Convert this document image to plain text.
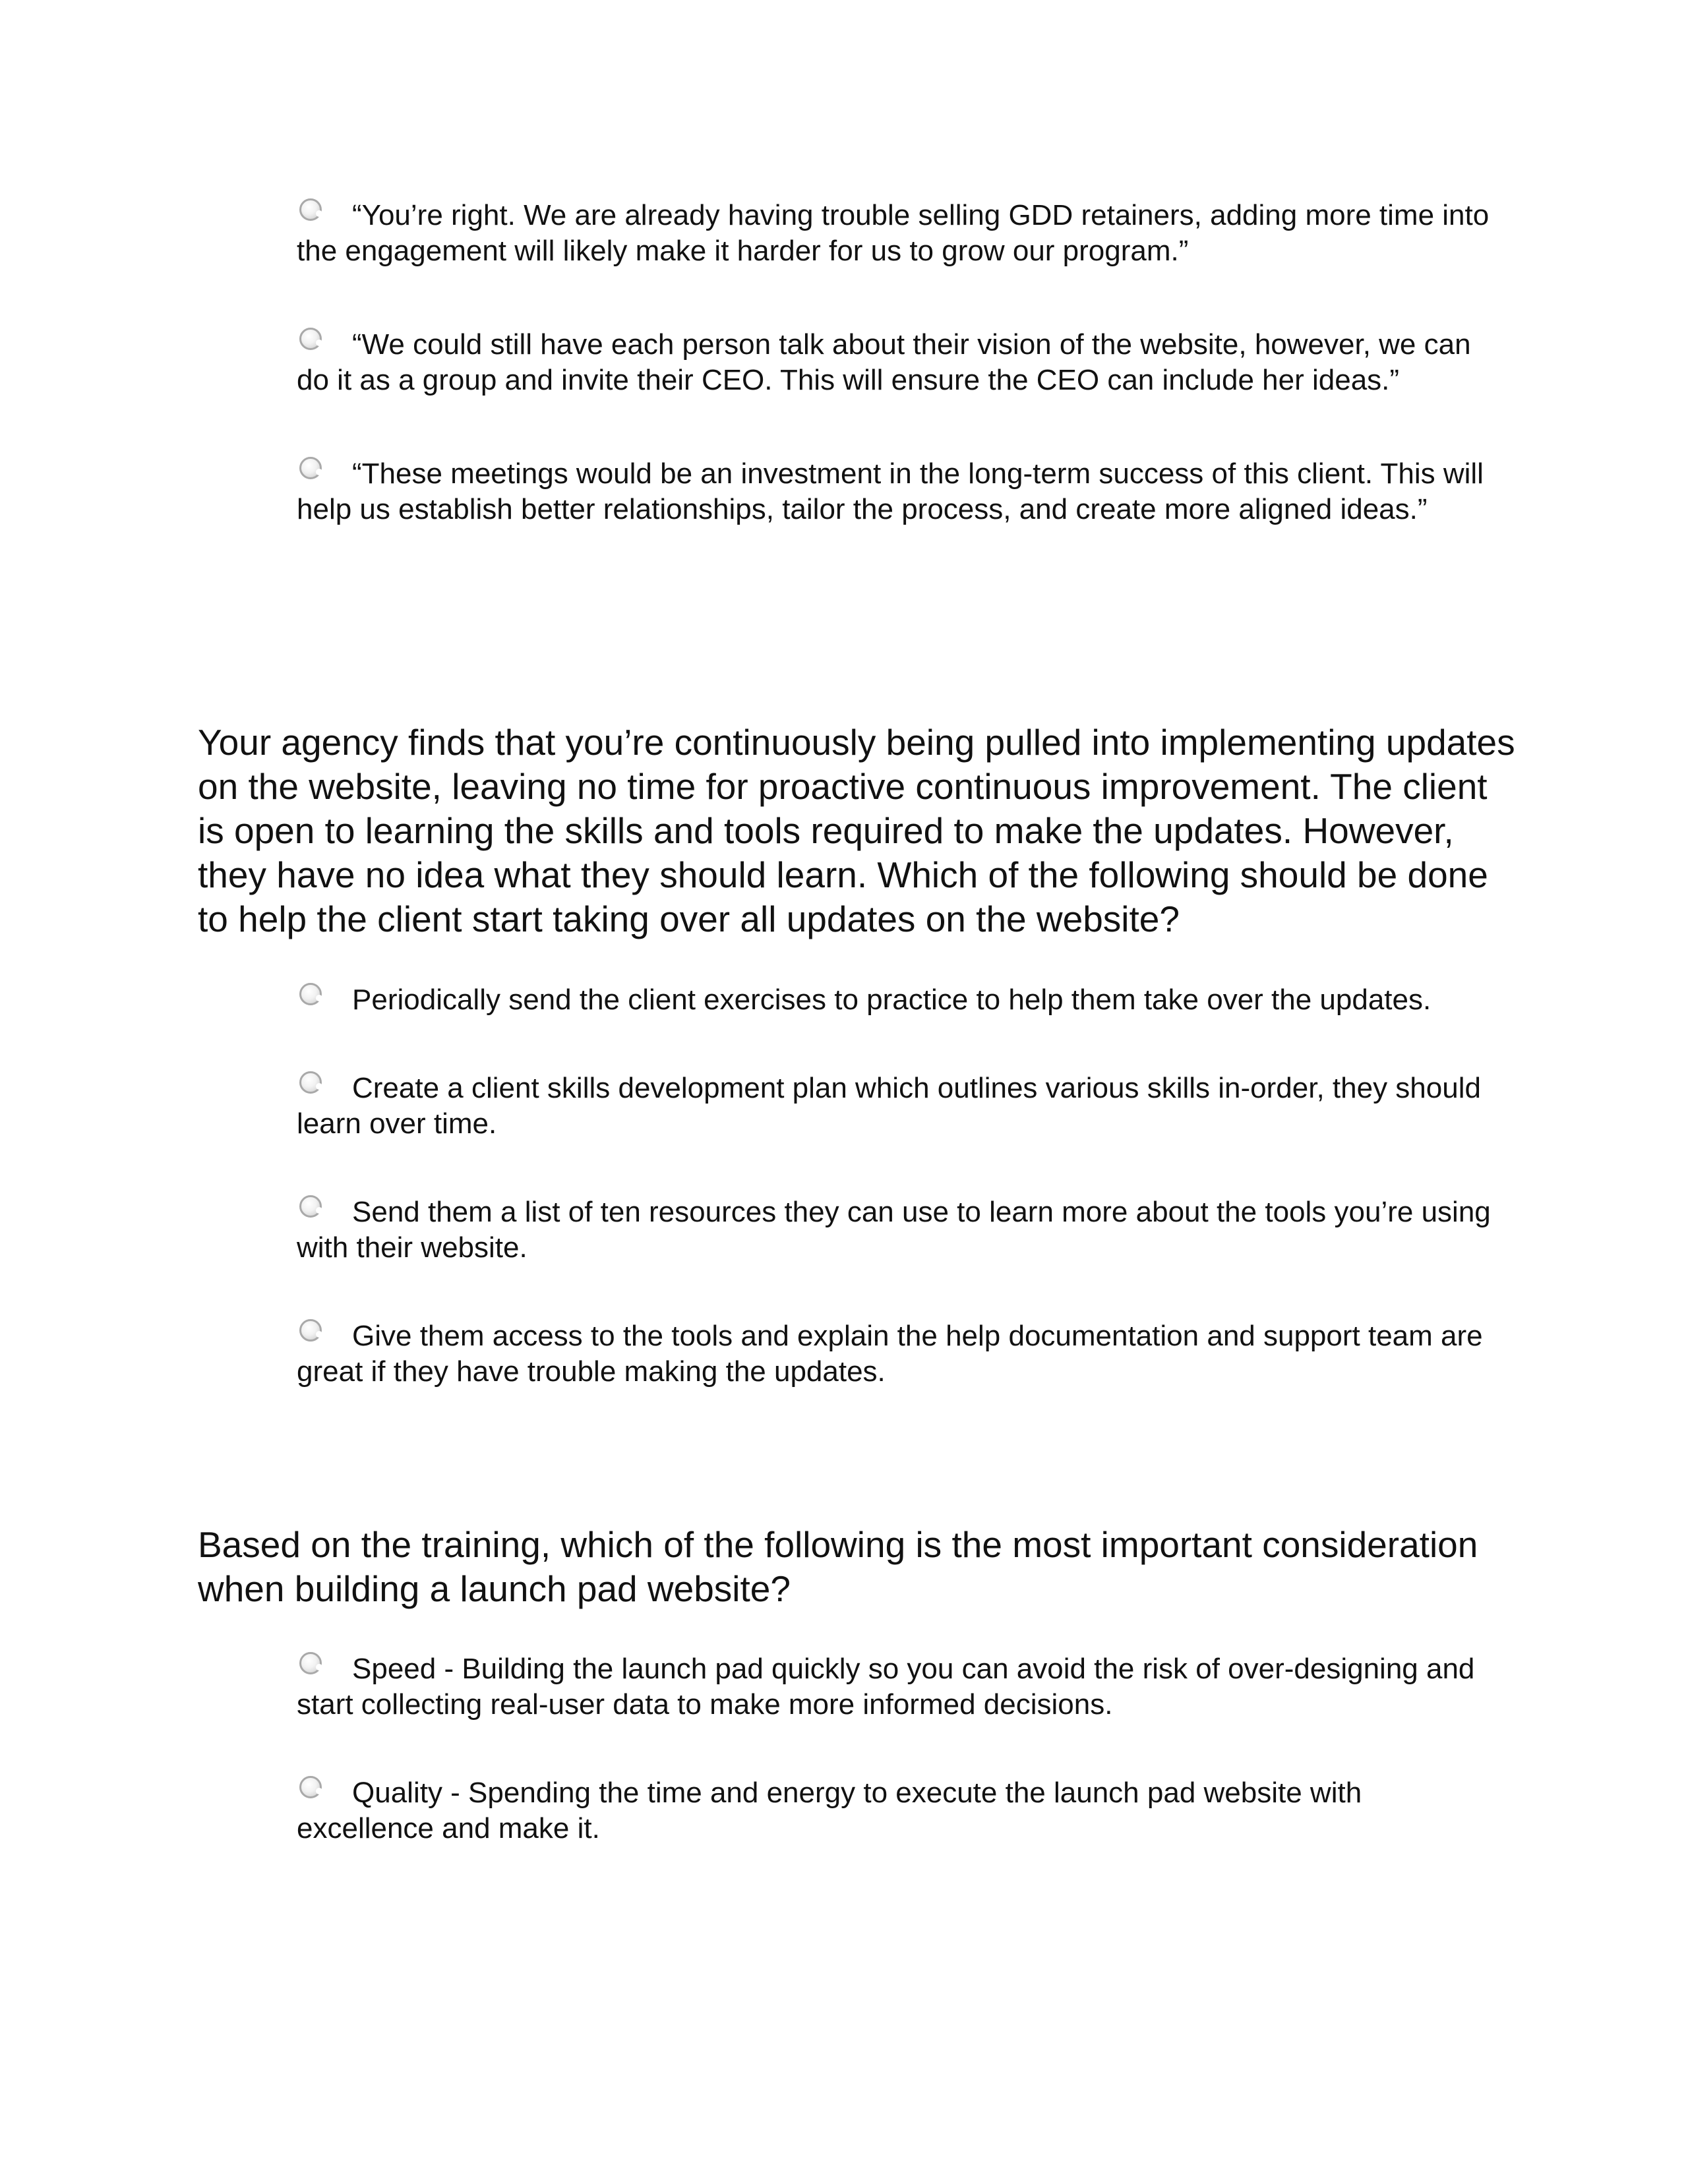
“You’re right. We are already having trouble selling GDD retainers, adding more time into the engagement will likely make it harder for us to grow our program.”

“We could still have each person talk about their vision of the website, however, we can do it as a group and invite their CEO. This will ensure the CEO can include her ideas.”

“These meetings would be an investment in the long-term success of this client. This will help us establish better relationships, tailor the process, and create more aligned ideas.”

Your agency finds that you’re continuously being pulled into implementing updates on the website, leaving no time for proactive continuous improvement. The client is open to learning the skills and tools required to make the updates. However, they have no idea what they should learn. Which of the following should be done to help the client start taking over all updates on the website?

Periodically send the client exercises to practice to help them take over the updates.

Create a client skills development plan which outlines various skills in-order, they should learn over time.

Send them a list of ten resources they can use to learn more about the tools you’re using with their website.

Give them access to the tools and explain the help documentation and support team are great if they have trouble making the updates.

Based on the training, which of the following is the most important consideration when building a launch pad website?

Speed - Building the launch pad quickly so you can avoid the risk of over-designing and start collecting real-user data to make more informed decisions.

Quality - Spending the time and energy to execute the launch pad website with excellence and make it.
